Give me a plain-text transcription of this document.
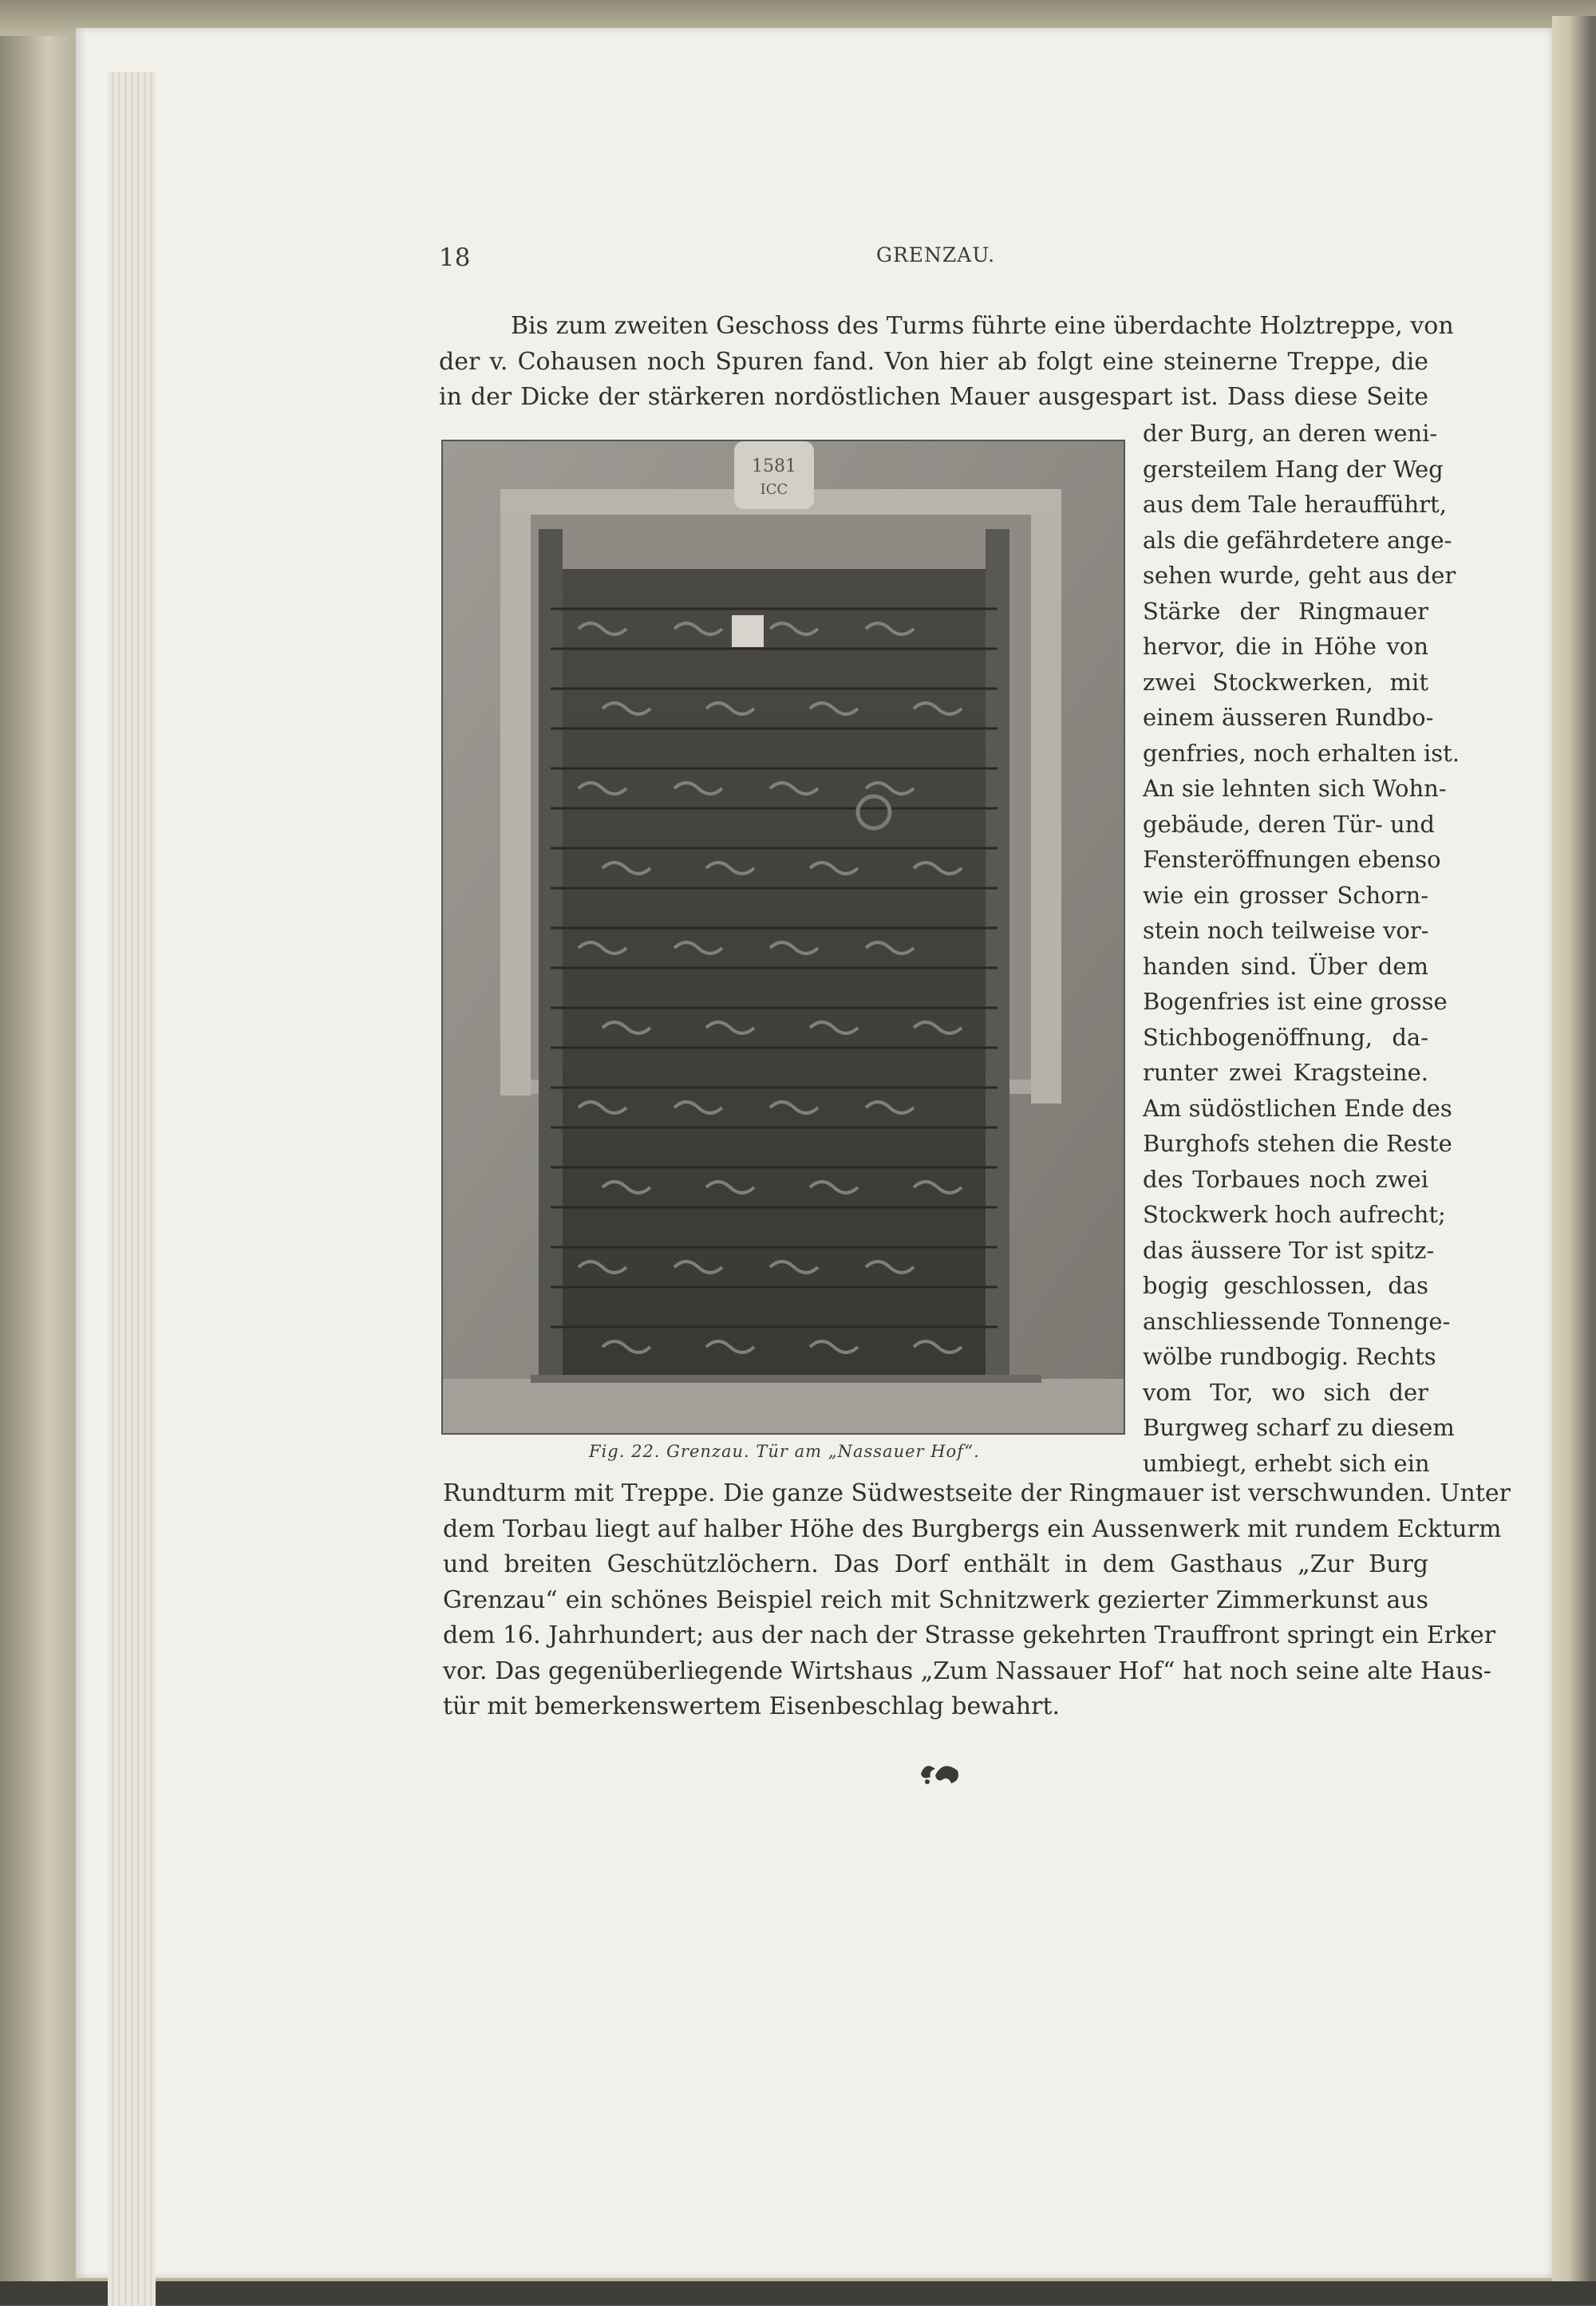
18	GRENZAU.
Bis zum zweiten Geschoss des Turms führte eine überdachte Holztreppe, von
der v. Cohausen noch Spuren fand. Von hier ab folgt eine steinerne Treppe, die
in der Dicke der stärkeren nordöstlichen Mauer ausgespart ist. Dass diese Seite
der Burg, an deren weni-
gersteilem Hang der Weg
aus dem Tale heraufführt,
als die gefährdetere ange-
sehen wurde, geht aus der
Stärke der Ringmauer
hervor, die in Höhe von
zwei Stockwerken, mit
einem äusseren Rundbo-
genfries, noch erhalten ist.
An sie lehnten sich Wohn-
gebäude, deren Tür- und
Fensteröffnungen ebenso
wie ein grosser Schorn-
stein noch teilweise vor-
handen sind. Über dem
Bogenfries ist eine grosse
Stichbogenöffnung, da-
runter zwei Kragsteine.
Am südöstlichen Ende des
Burghofs stehen die Reste
des Torbaues noch zwei
Stockwerk hoch aufrecht;
das äussere Tor ist spitz-
bogig geschlossen, das
anschliessende Tonnenge-
wölbe rundbogig. Rechts
vom Tor, wo sich der
Burgweg scharf zu diesem
umbiegt, erhebt sich ein
1581
ICC
Fig. 22. Grenzau. Tür am „Nassauer Hof“.
Rundturm mit Treppe. Die ganze Südwestseite der Ringmauer ist verschwunden. Unter
dem Torbau liegt auf halber Höhe des Burgbergs ein Aussenwerk mit rundem Eckturm
und breiten Geschützlöchern. Das Dorf enthält in dem Gasthaus „Zur Burg
Grenzau“ ein schönes Beispiel reich mit Schnitzwerk gezierter Zimmerkunst aus
dem 16. Jahrhundert; aus der nach der Strasse gekehrten Trauffront springt ein Erker
vor. Das gegenüberliegende Wirtshaus „Zum Nassauer Hof“ hat noch seine alte Haus-
tür mit bemerkenswertem Eisenbeschlag bewahrt.
